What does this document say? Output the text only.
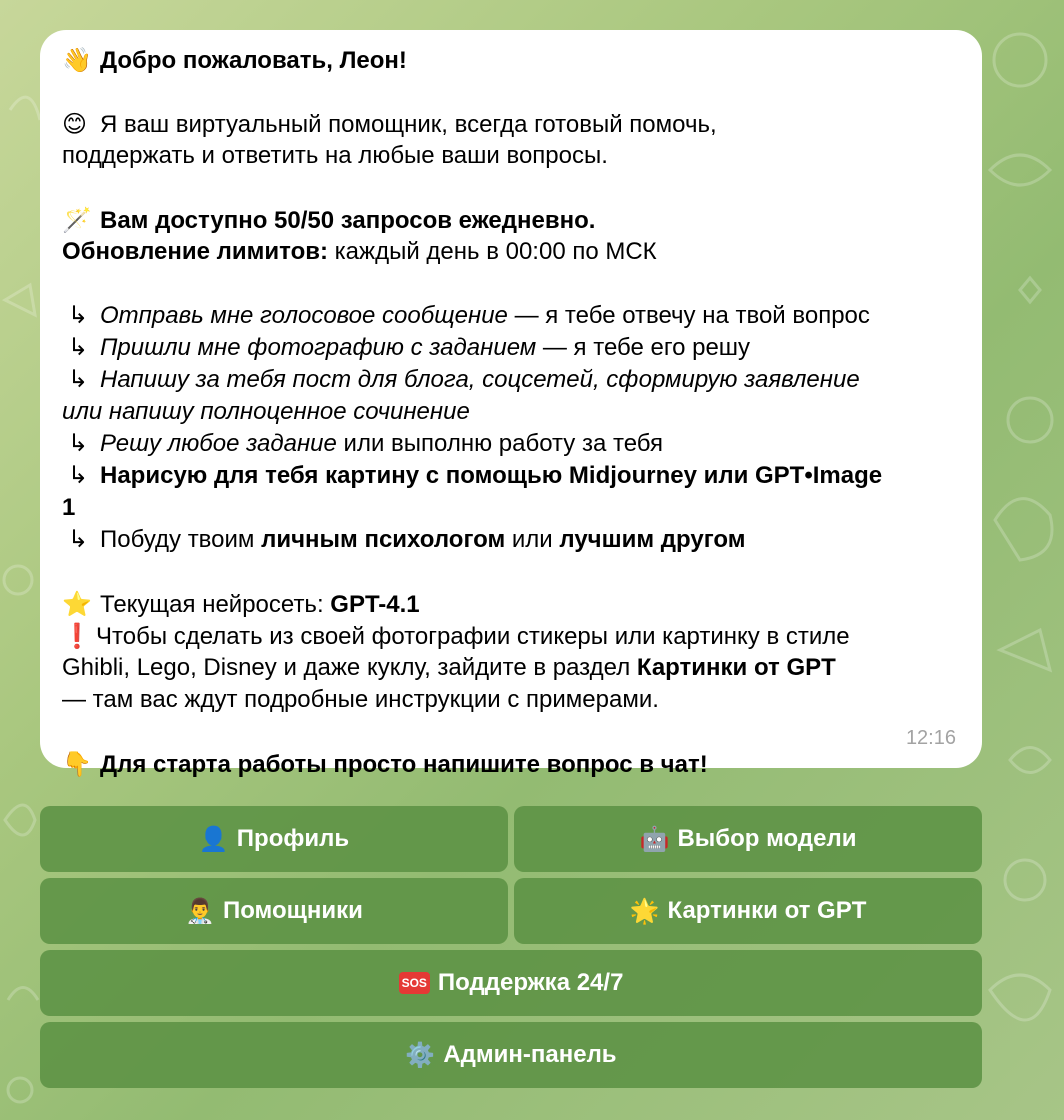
👋 Добро пожаловать, Леон!
😊 Я ваш виртуальный помощник, всегда готовый помочь,
поддержать и ответить на любые ваши вопросы.
🪄 Вам доступно 50/50 запросов ежедневно.
Обновление лимитов: каждый день в 00:00 по МСК
↳ Отправь мне голосовое сообщение — я тебе отвечу на твой вопрос
↳ Пришли мне фотографию с заданием — я тебе его решу
↳ Напишу за тебя пост для блога, соцсетей, сформирую заявление
или напишу полноценное сочинение
↳ Решу любое задание или выполню работу за тебя
↳ Нарисую для тебя картину с помощью Midjourney или GPT•Image
1
↳ Побуду твоим личным психологом или лучшим другом
⭐ Текущая нейросеть: GPT-4.1
❗ Чтобы сделать из своей фотографии стикеры или картинку в стиле
Ghibli, Lego, Disney и даже куклу, зайдите в раздел Картинки от GPT
— там вас ждут подробные инструкции с примерами.
👇 Для старта работы просто напишите вопрос в чат!
12:16
👤 Профиль	🤖 Выбор модели
👨‍⚕️ Помощники	🌟 Картинки от GPT
SOS Поддержка 24/7
⚙️ Админ-панель
